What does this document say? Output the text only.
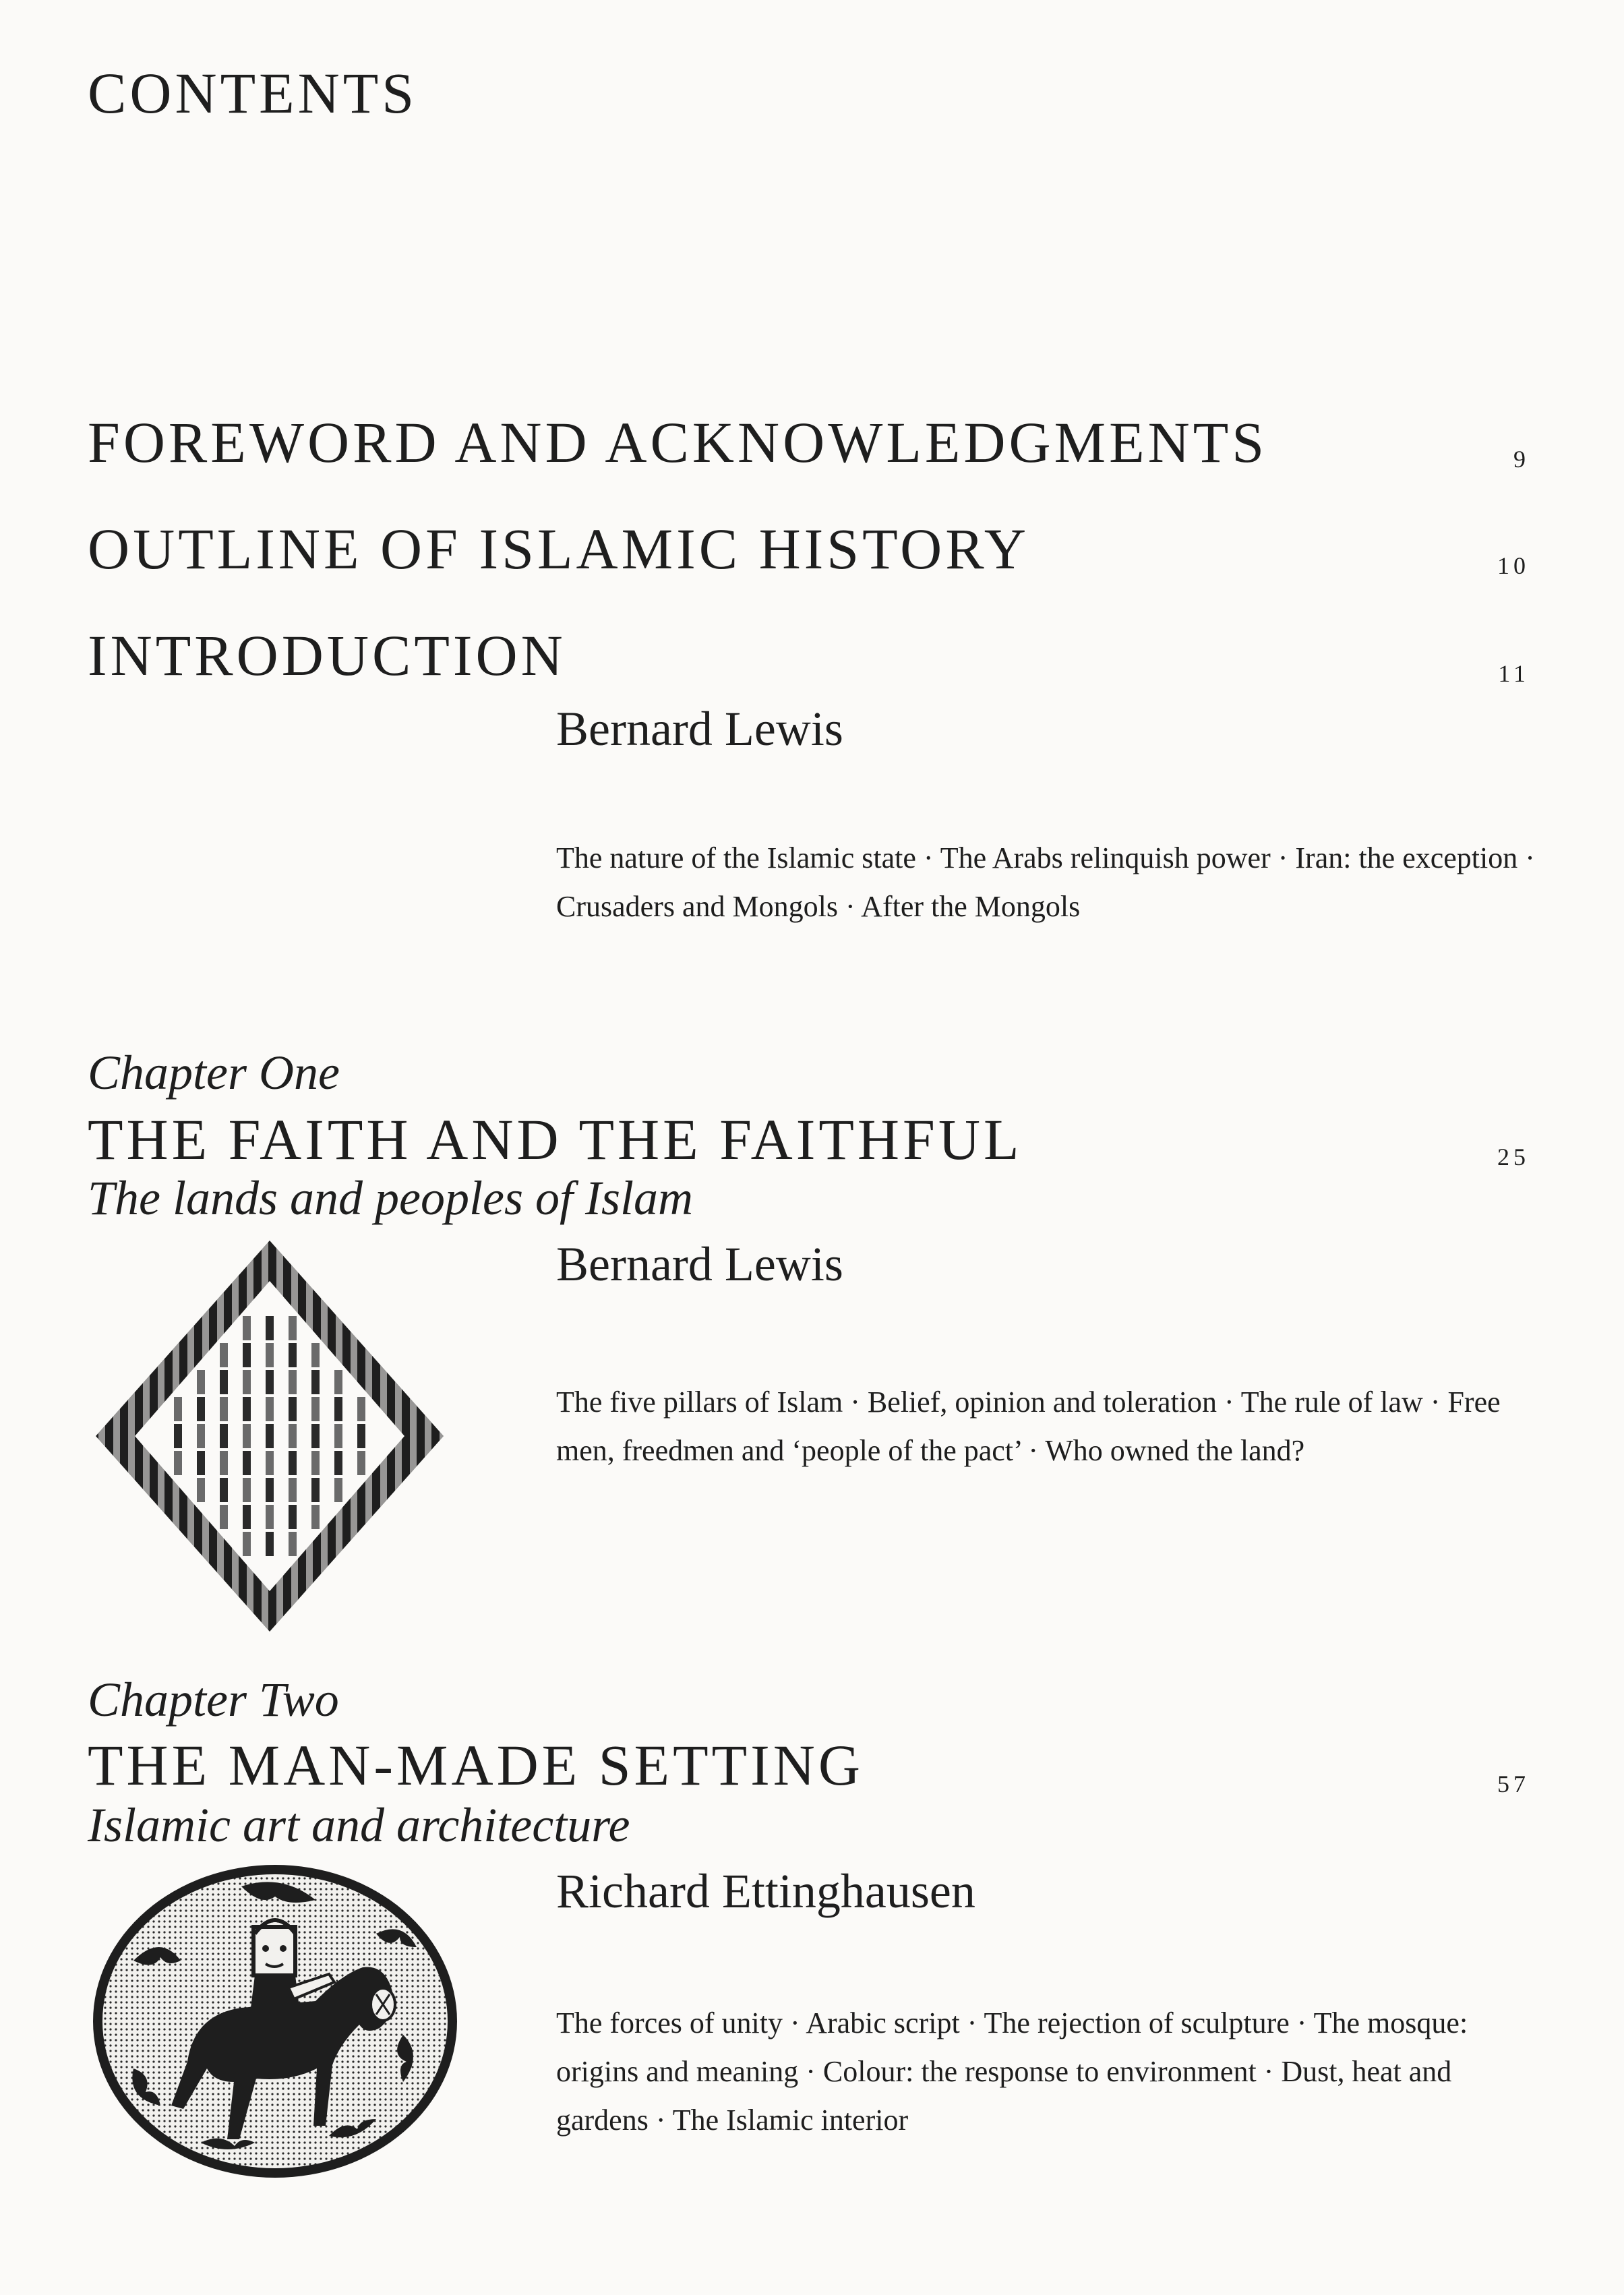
CONTENTS
FOREWORD AND ACKNOWLEDGMENTS	9
OUTLINE OF ISLAMIC HISTORY	10
INTRODUCTION	11
Bernard Lewis

The nature of the Islamic state · The Arabs relinquish power · Iran: the exception · Crusaders and Mongols · After the Mongols

Chapter One
THE FAITH AND THE FAITHFUL	25
The lands and peoples of Islam
Bernard Lewis

The five pillars of Islam · Belief, opinion and toleration · The rule of law · Free men, freedmen and ‘people of the pact’ · Who owned the land?

Chapter Two
THE MAN-MADE SETTING	57
Islamic art and architecture
Richard Ettinghausen

The forces of unity · Arabic script · The rejection of sculpture · The mosque: origins and meaning · Colour: the response to environment · Dust, heat and gardens · The Islamic interior
